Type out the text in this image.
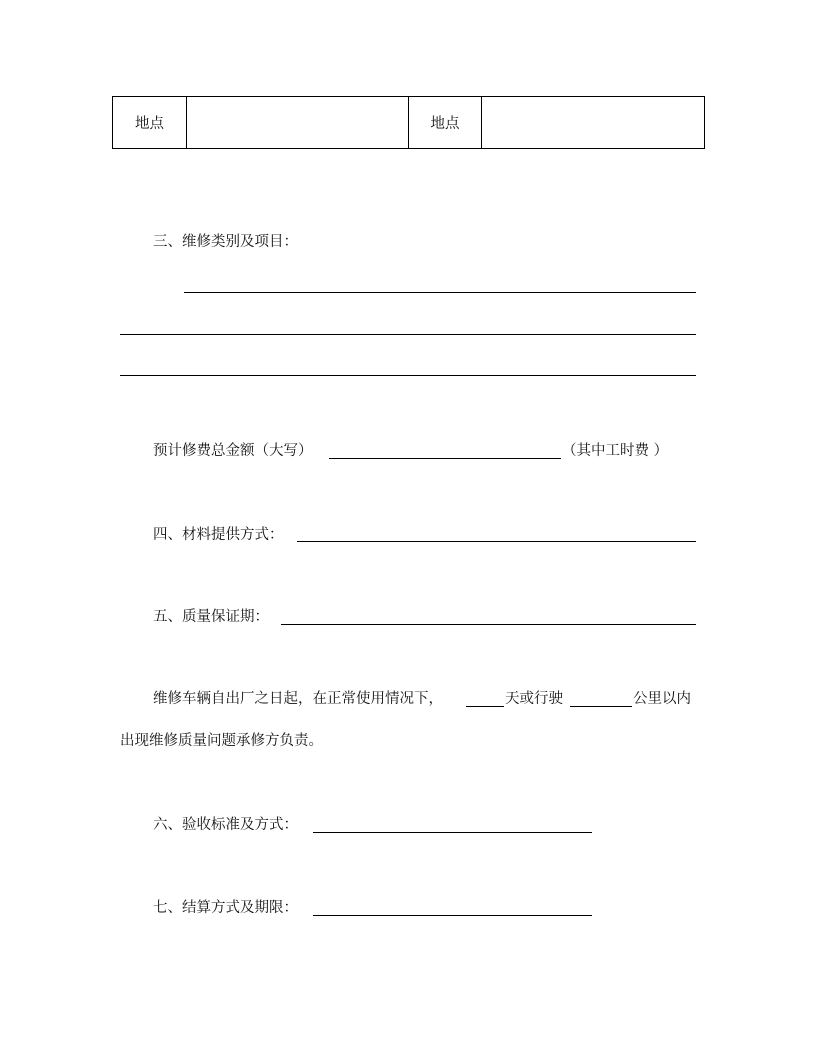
地点		地点	
三、维修类别及项目：
预计修费总金额（大写）	（其中工时费 ）
四、材料提供方式：
五、质量保证期：
维修车辆自出厂之日起，在正常使用情况下，	天或行驶	公里以内
出现维修质量问题承修方负责。
六、验收标准及方式：
七、结算方式及期限：
